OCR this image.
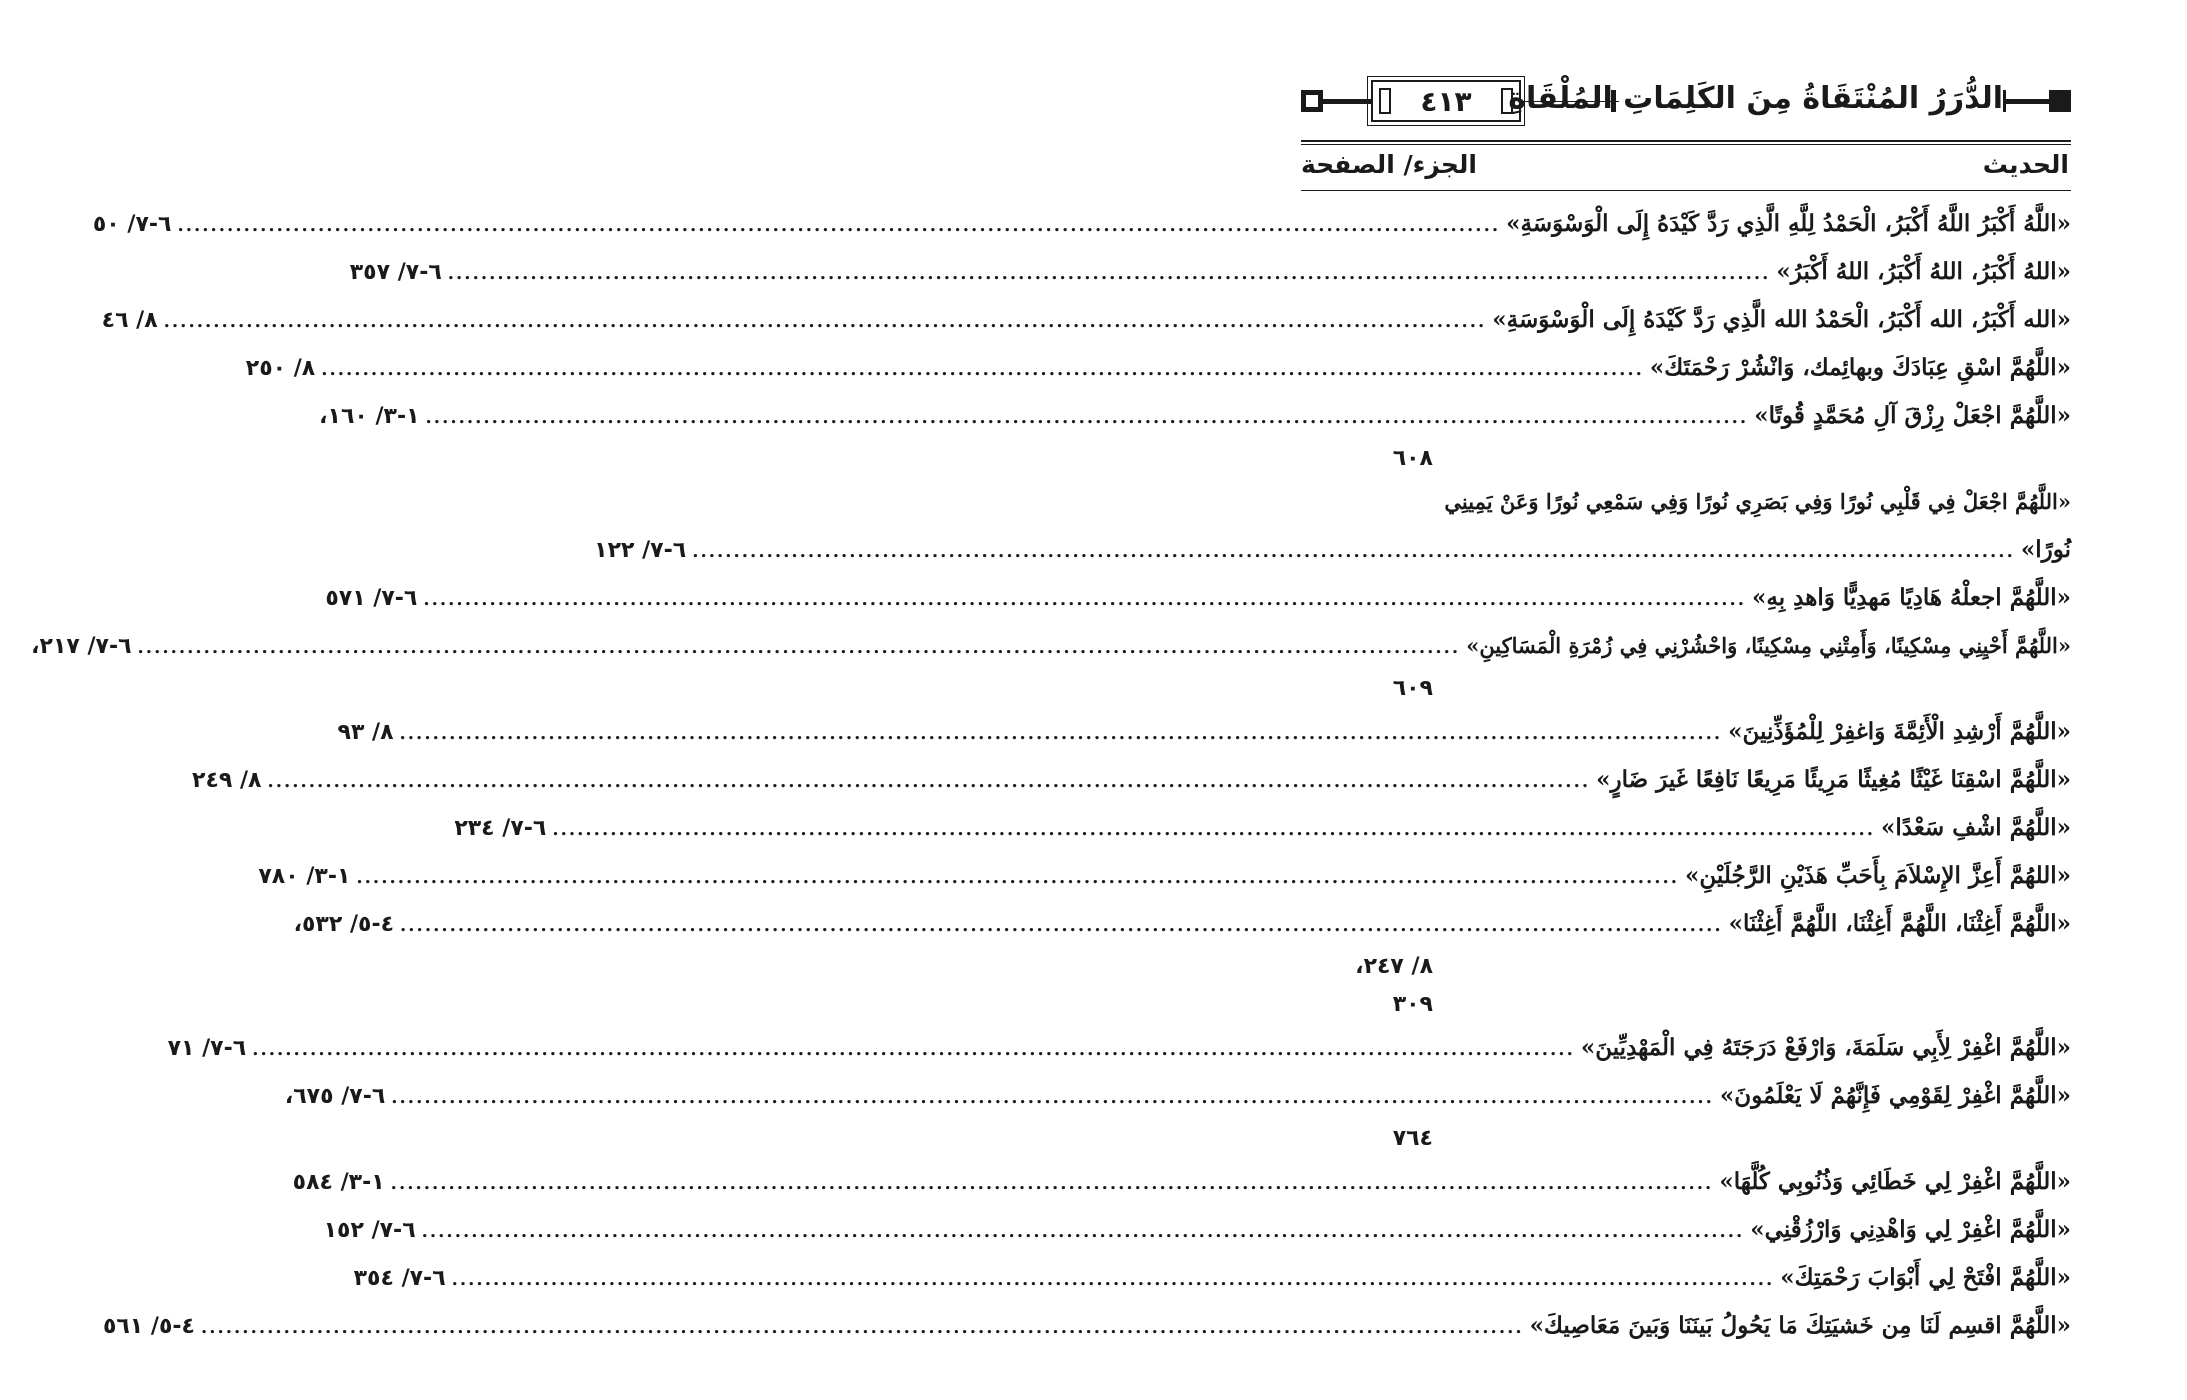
٤١٣	الدُّرَرُ المُنْتَقَاةُ مِنَ الكَلِمَاتِ المُلْقَاةِ
الحديث
الجزء/ الصفحة
«اللَّهُ أَكْبَرُ اللَّهُ أَكْبَرُ، الْحَمْدُ لِلَّهِ الَّذِي رَدَّ كَيْدَهُ إِلَى الْوَسْوَسَةِ»
................................................................................................................................................................
٦-٧/ ٥٠
«اللهُ أَكْبَرُ، اللهُ أَكْبَرُ، اللهُ أَكْبَرُ»
................................................................................................................................................................
٦-٧/ ٣٥٧
«الله أَكْبَرُ، الله أَكْبَرُ، الْحَمْدُ الله الَّذِي رَدَّ كَيْدَهُ إِلَى الْوَسْوَسَةِ»
................................................................................................................................................................
٨/ ٤٦
«اللَّهُمَّ اسْقِ عِبَادَكَ وبهائِمك، وَانْشُرْ رَحْمَتَكَ»
................................................................................................................................................................
٨/ ٢٥٠
«اللَّهُمَّ اجْعَلْ رِزْقَ آلِ مُحَمَّدٍ قُوتًا»
................................................................................................................................................................
١-٣/ ١٦٠،
٦٠٨
«اللَّهُمَّ اجْعَلْ فِي قَلْبِي نُورًا وَفِي بَصَرِي نُورًا وَفِي سَمْعِي نُورًا وَعَنْ يَمِينِي
نُورًا»
................................................................................................................................................................
٦-٧/ ١٢٢
«اللَّهُمَّ اجعلْهُ هَادِيًا مَهدِيًّا وَاهدِ بِهِ»
................................................................................................................................................................
٦-٧/ ٥٧١
«اللَّهُمَّ أَحْيِنِي مِسْكِينًا، وَأَمِتْنِي مِسْكِينًا، وَاحْشُرْنِي فِي زُمْرَةِ الْمَسَاكِينِ»
................................................................................................................................................................
٦-٧/ ٢١٧،
٦٠٩
«اللَّهُمَّ أَرْشِدِ الْأَئِمَّةَ وَاغفِرْ لِلْمُؤَذِّنِينَ»
................................................................................................................................................................
٨/ ٩٣
«اللَّهُمَّ اسْقِنَا غَيْثًا مُغِيثًا مَرِيئًا مَرِيعًا نَافِعًا غَيرَ ضَارٍ»
................................................................................................................................................................
٨/ ٢٤٩
«اللَّهُمَّ اشْفِ سَعْدًا»
................................................................................................................................................................
٦-٧/ ٢٣٤
«اللهُمَّ أَعِزَّ الإِسْلاَمَ بِأَحَبِّ هَذَيْنِ الرَّجُلَيْنِ»
................................................................................................................................................................
١-٣/ ٧٨٠
«اللَّهُمَّ أَغِثْنَا، اللَّهُمَّ أَغِثْنَا، اللَّهُمَّ أَغِثْنَا»
................................................................................................................................................................
٤-٥/ ٥٣٢،
٨/ ٢٤٧،
٣٠٩
«اللَّهُمَّ اغْفِرْ لِأَبِي سَلَمَةَ، وَارْفَعْ دَرَجَتَهُ فِي الْمَهْدِيِّينَ»
................................................................................................................................................................
٦-٧/ ٧١
«اللَّهُمَّ اغْفِرْ لِقَوْمِي فَإِنَّهُمْ لَا يَعْلَمُونَ»
................................................................................................................................................................
٦-٧/ ٦٧٥،
٧٦٤
«اللَّهُمَّ اغْفِرْ لِي خَطَائِي وَذُنُوبِي كُلَّهَا»
................................................................................................................................................................
١-٣/ ٥٨٤
«اللَّهُمَّ اغْفِرْ لِي وَاهْدِنِي وَارْزُقْنِي»
................................................................................................................................................................
٦-٧/ ١٥٢
«اللَّهُمَّ افْتَحْ لِي أَبْوَابَ رَحْمَتِكَ»
................................................................................................................................................................
٦-٧/ ٣٥٤
«اللَّهُمَّ اقسِم لَنَا مِن خَشيَتِكَ مَا يَحُولُ بَينَنَا وَبَينَ مَعَاصِيكَ»
................................................................................................................................................................
٤-٥/ ٥٦١
